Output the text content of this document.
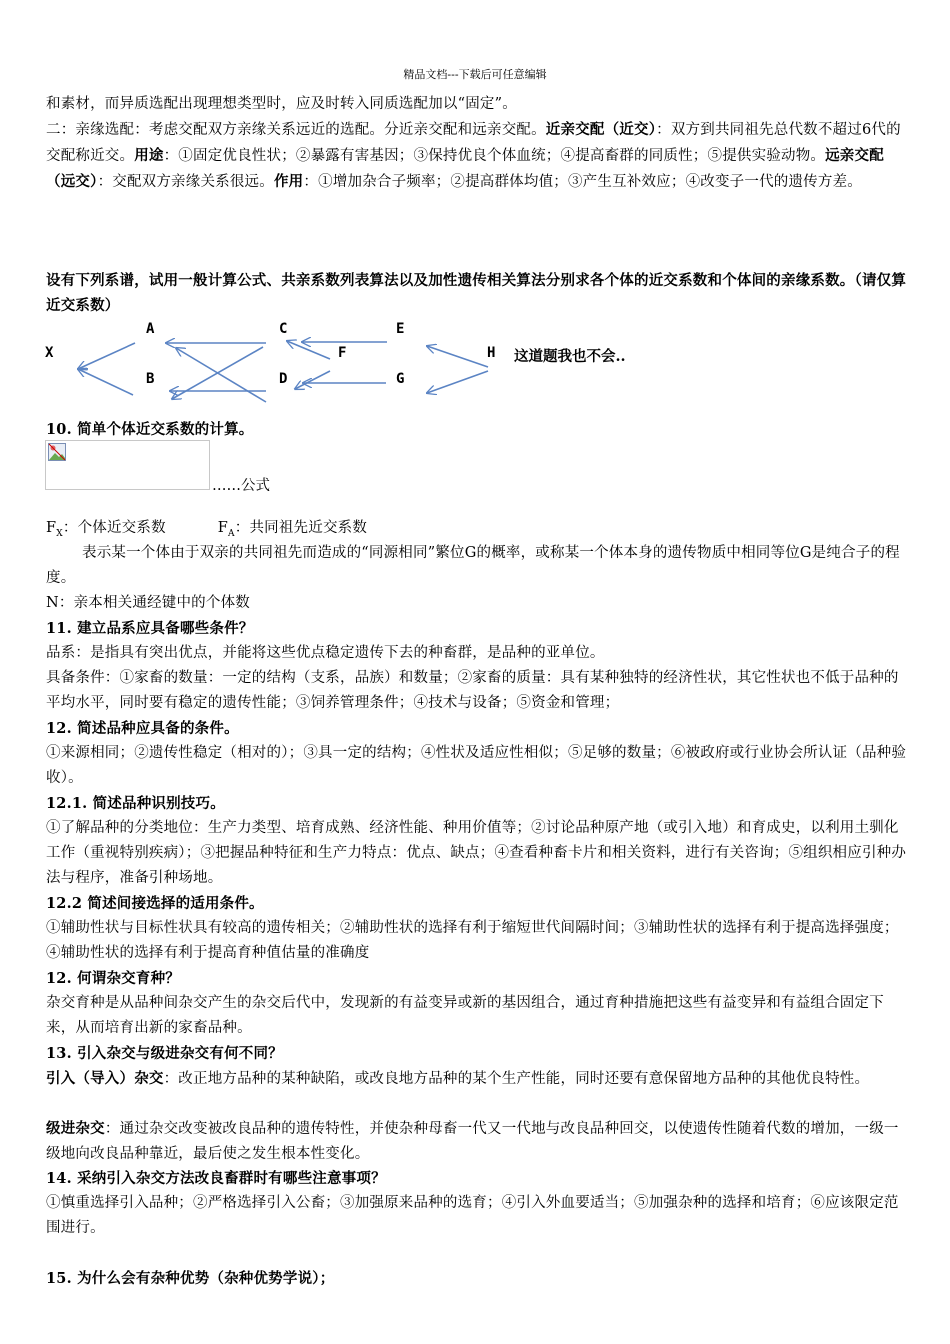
精品文档---下载后可任意编辑
和素材，而异质选配出现理想类型时，应及时转入同质选配加以“固定”。
二：亲缘选配：考虑交配双方亲缘关系远近的选配。分近亲交配和远亲交配。近亲交配（近交）：双方到共同祖先总代数不超过6代的交配称近交。用途：①固定优良性状；②暴露有害基因；③保持优良个体血统；④提高畜群的同质性；⑤提供实验动物。远亲交配（远交）：交配双方亲缘关系很远。作用：①增加杂合子频率；②提高群体均值；③产生互补效应；④改变子一代的遗传方差。
设有下列系谱，试用一般计算公式、共亲系数列表算法以及加性遗传相关算法分别求各个体的近交系数和个体间的亲缘系数。（请仅算近交系数）
X
A
B
C
D
E
F
G
H 这道题我也不会..
10. 简单个体近交系数的计算。
……公式
$F_X$：个体近交系数	$F_A$：共同祖先近交系数
表示某一个体由于双亲的共同祖先而造成的“同源相同”繁位G的概率，或称某一个体本身的遗传物质中相同等位G是纯合子的程度。
N：亲本相关通经键中的个体数
11. 建立品系应具备哪些条件？
品系：是指具有突出优点，并能将这些优点稳定遗传下去的种畜群，是品种的亚单位。
具备条件：①家畜的数量：一定的结构（支系，品族）和数量；②家畜的质量：具有某种独特的经济性状，其它性状也不低于品种的平均水平，同时要有稳定的遗传性能；③饲养管理条件；④技术与设备；⑤资金和管理；
12. 简述品种应具备的条件。
①来源相同；②遗传性稳定（相对的）；③具一定的结构；④性状及适应性相似；⑤足够的数量；⑥被政府或行业协会所认证（品种验收）。
12.1. 简述品种识别技巧。
①了解品种的分类地位：生产力类型、培育成熟、经济性能、种用价值等；②讨论品种原产地（或引入地）和育成史，以利用土驯化工作（重视特别疾病）；③把握品种特征和生产力特点：优点、缺点；④查看种畜卡片和相关资料，进行有关咨询；⑤组织相应引种办法与程序，准备引种场地。
12.2 简述间接选择的适用条件。
①辅助性状与目标性状具有较高的遗传相关；②辅助性状的选择有利于缩短世代间隔时间；③辅助性状的选择有利于提高选择强度；④辅助性状的选择有利于提高育种值估量的准确度
12. 何谓杂交育种？
杂交育种是从品种间杂交产生的杂交后代中，发现新的有益变异或新的基因组合，通过育种措施把这些有益变异和有益组合固定下来，从而培育出新的家畜品种。
13. 引入杂交与级进杂交有何不同？
引入（导入）杂交：改正地方品种的某种缺陷，或改良地方品种的某个生产性能，同时还要有意保留地方品种的其他优良特性。
级进杂交：通过杂交改变被改良品种的遗传特性，并使杂种母畜一代又一代地与改良品种回交，以使遗传性随着代数的增加，一级一级地向改良品种靠近，最后使之发生根本性变化。
14. 采纳引入杂交方法改良畜群时有哪些注意事项？
①慎重选择引入品种；②严格选择引入公畜；③加强原来品种的选育；④引入外血要适当；⑤加强杂种的选择和培育；⑥应该限定范围进行。
15. 为什么会有杂种优势（杂种优势学说）；
